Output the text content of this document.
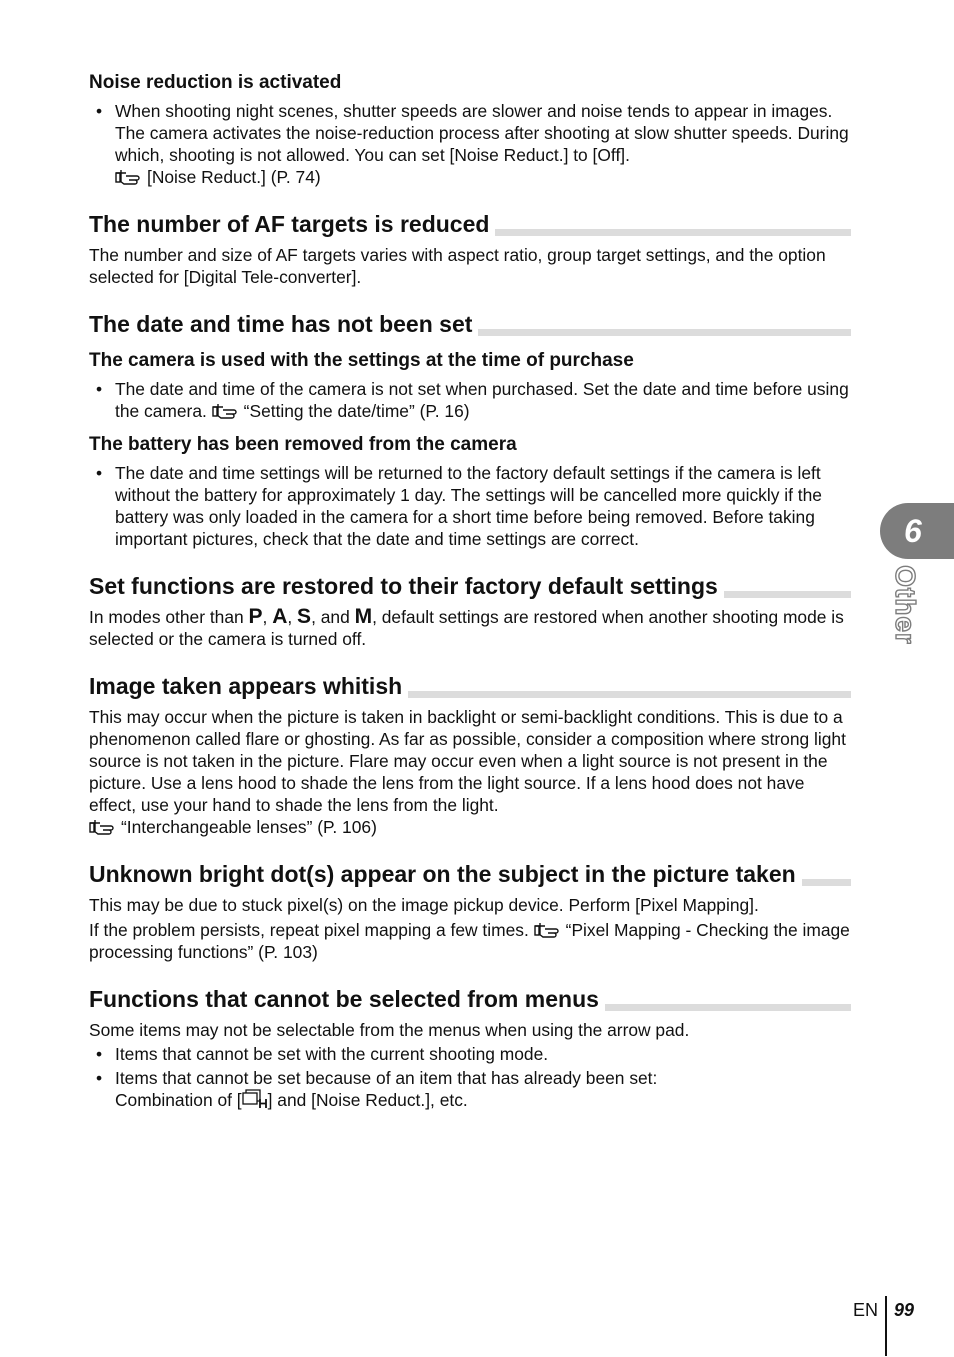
Noise reduction is activated
• When shooting night scenes, shutter speeds are slower and noise tends to appear in images. The camera activates the noise-reduction process after shooting at slow shutter speeds. During which, shooting is not allowed. You can set [Noise Reduct.] to [Off].

[Noise Reduct.] (P. 74)
The number of AF targets is reduced

The number and size of AF targets varies with aspect ratio, group target settings, and the option selected for [Digital Tele-converter].

The date and time has not been set
The camera is used with the settings at the time of purchase
• The date and time of the camera is not set when purchased. Set the date and time before using the camera. “Setting the date/time” (P. 16)
The battery has been removed from the camera
• The date and time settings will be returned to the factory default settings if the camera is left without the battery for approximately 1 day. The settings will be cancelled more quickly if the battery was only loaded in the camera for a short time before being removed. Before taking important pictures, check that the date and time settings are correct.
Set functions are restored to their factory default settings

In modes other than P, A, S, and M, default settings are restored when another shooting mode is selected or the camera is turned off.

Image taken appears whitish

This may occur when the picture is taken in backlight or semi-backlight conditions. This is due to a phenomenon called flare or ghosting. As far as possible, consider a composition where strong light source is not taken in the picture. Flare may occur even when a light source is not present in the picture. Use a lens hood to shade the lens from the light source. If a lens hood does not have effect, use your hand to shade the lens from the light.

“Interchangeable lenses” (P. 106)

Unknown bright dot(s) appear on the subject in the picture taken

This may be due to stuck pixel(s) on the image pickup device. Perform [Pixel Mapping].

If the problem persists, repeat pixel mapping a few times. “Pixel Mapping - Checking the image processing functions” (P. 103)

Functions that cannot be selected from menus

Some items may not be selectable from the menus when using the arrow pad.

• Items that cannot be set with the current shooting mode.
• Items that cannot be set because of an item that has already been set:
Combination of [ ] and [Noise Reduct.], etc.
6
Other
EN 99
